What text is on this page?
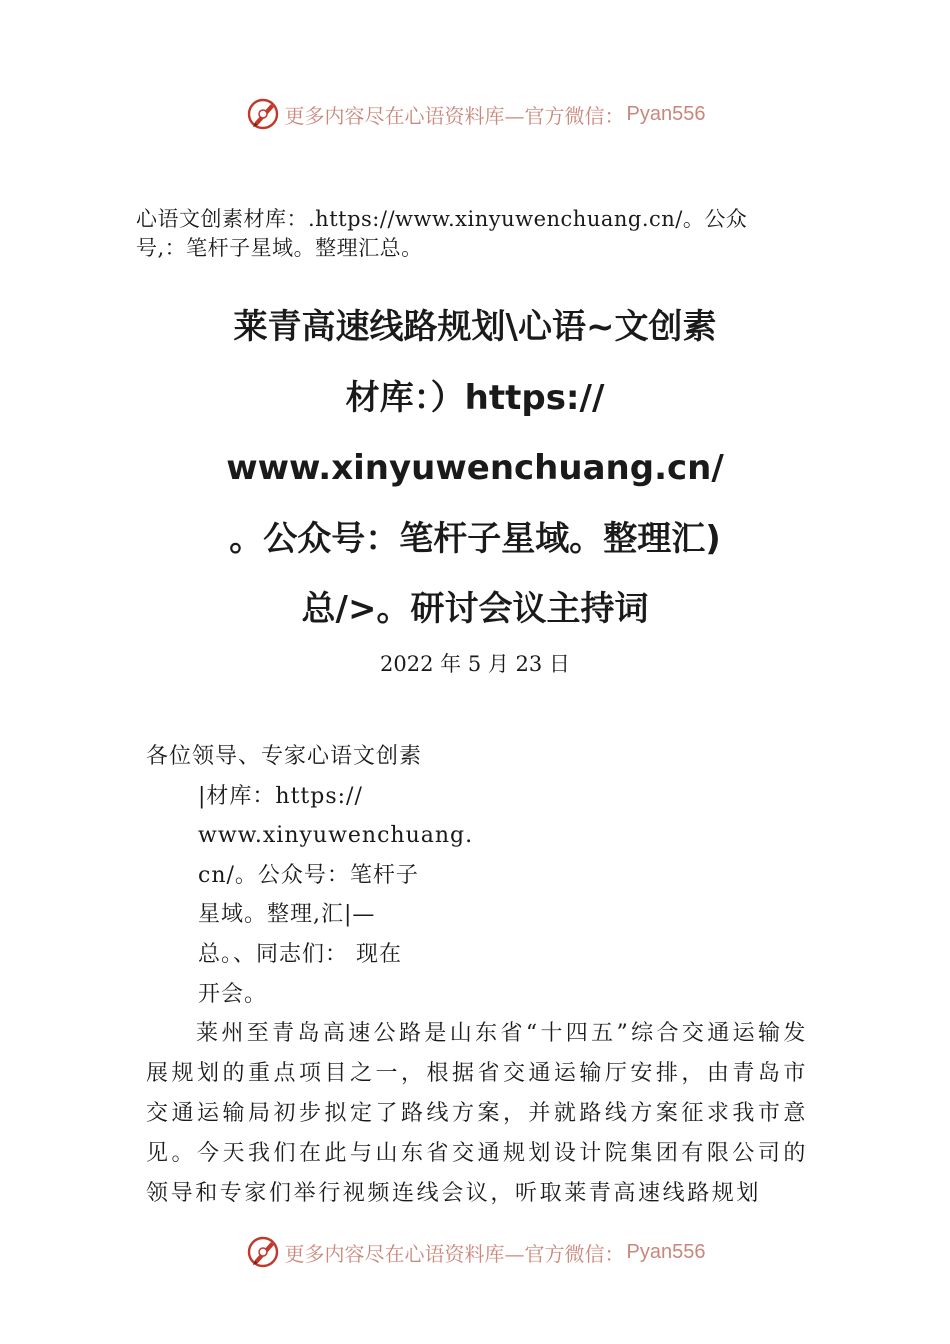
更多内容尽在心语资料库—官方微信： Pyan556

心语文创素材库：.https://www.xinyuwenchuang.cn/。公众
号,：笔杆子星域。整理汇总。

莱青高速线路规划\心语~文创素
材库：）https://
www.xinyuwenchuang.cn/
。公众号：笔杆子星域。整理汇)
总/>。研讨会议主持词

2022 年 5 月 23 日

各位领导、专家心语文创素

|材库：https://
www.xinyuwenchuang.
cn/。公众号：笔杆子
星域。整理,汇|—
总。、同志们： 现在
开会。

莱州至青岛高速公路是山东省“十四五”综合交通运输发展规划的重点项目之一，根据省交通运输厅安排，由青岛市交通运输局初步拟定了路线方案，并就路线方案征求我市意见。今天我们在此与山东省交通规划设计院集团有限公司的领导和专家们举行视频连线会议，听取莱青高速线路规划

更多内容尽在心语资料库—官方微信： Pyan556
